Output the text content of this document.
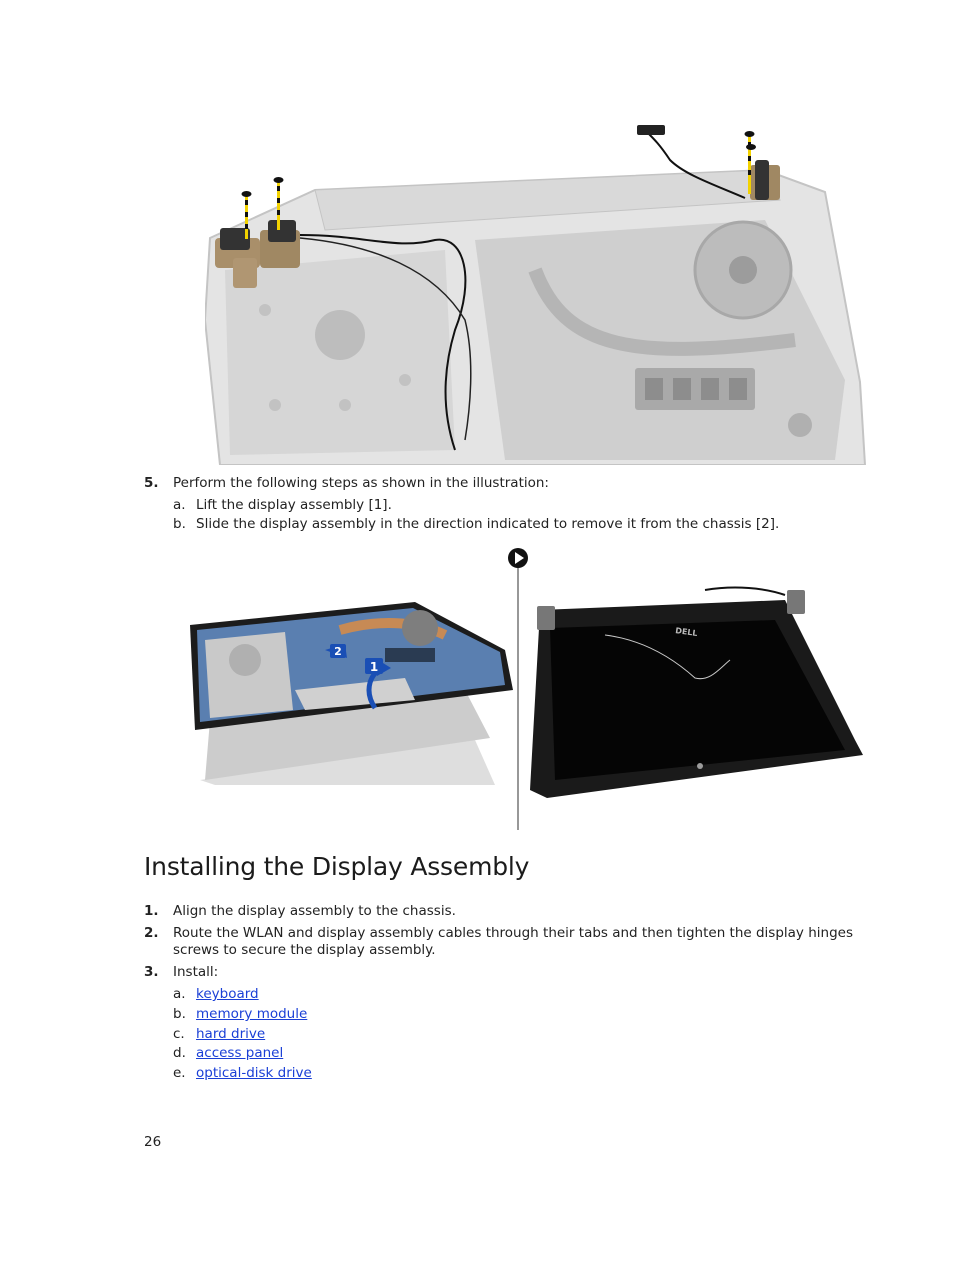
5. Perform the following steps as shown in the illustration:
a. Lift the display assembly [1].
b. Slide the display assembly in the direction indicated to remove it from the chassis [2].
1
2
DELL
Installing the Display Assembly
1. Align the display assembly to the chassis.
2. Route the WLAN and display assembly cables through their tabs and then tighten the display hinges
screws to secure the display assembly.
3. Install:
a. keyboard
b. memory module
c. hard drive
d. access panel
e. optical-disk drive
26
